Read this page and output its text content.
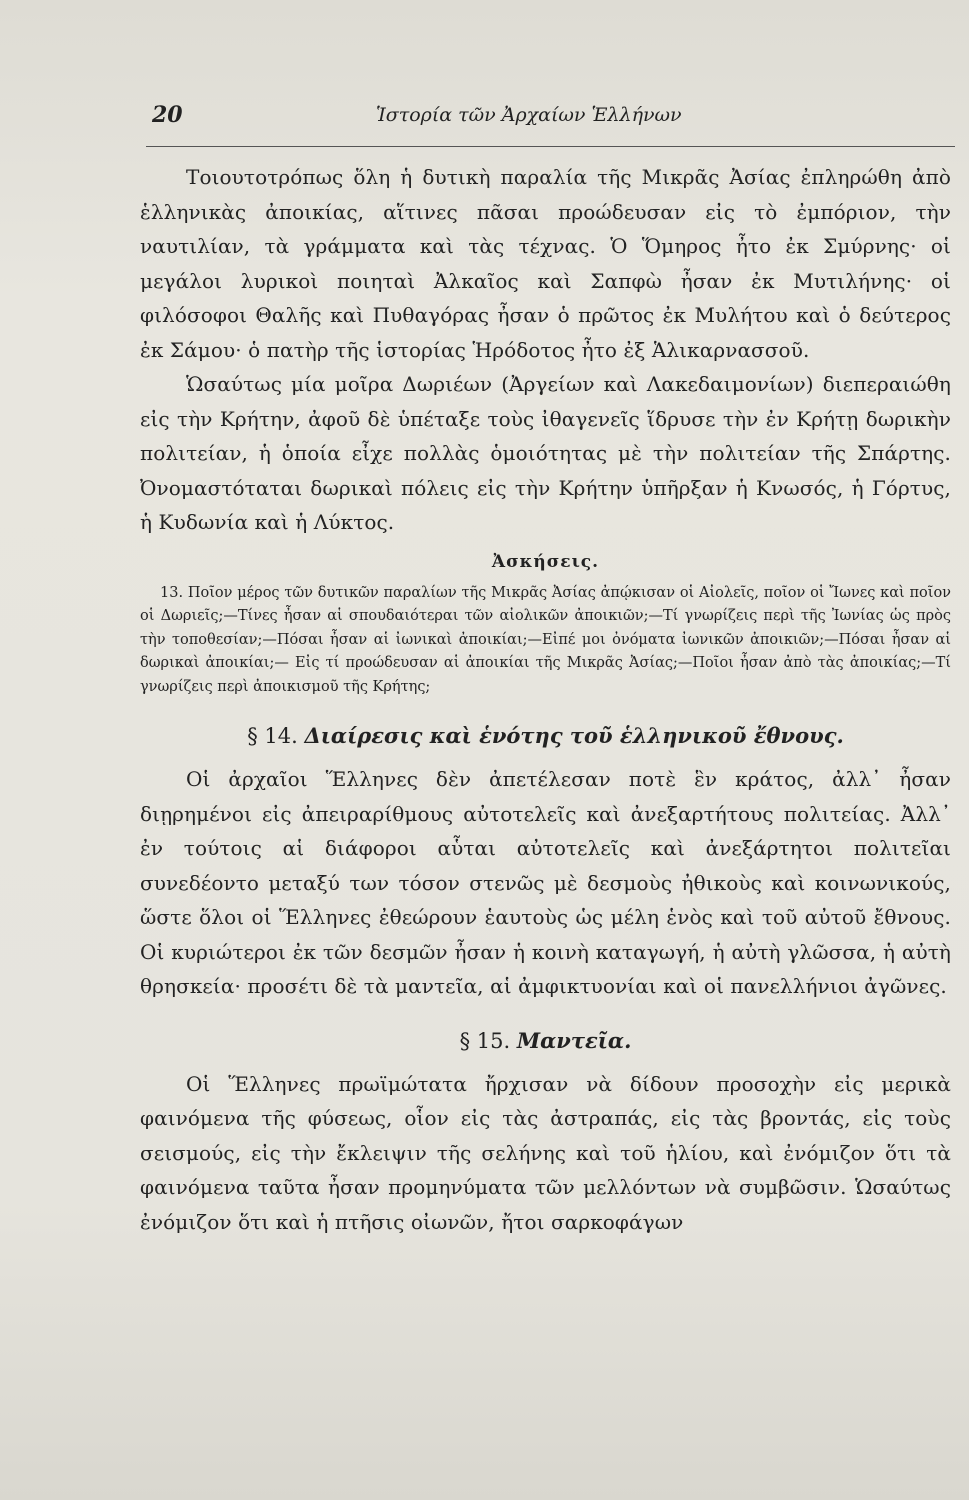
20	Ἱστορία τῶν Ἀρχαίων Ἑλλήνων

Τοιουτοτρόπως ὅλη ἡ δυτικὴ παραλία τῆς Μικρᾶς Ἀσίας ἐπληρώθη ἀπὸ ἑλληνικὰς ἀποικίας, αἵτινες πᾶσαι προώδευσαν εἰς τὸ ἐμπόριον, τὴν ναυτιλίαν, τὰ γράμματα καὶ τὰς τέχνας. Ὁ Ὅμηρος ἦτο ἐκ Σμύρνης· οἱ μεγάλοι λυρικοὶ ποιηταὶ Ἀλκαῖος καὶ Σαπφὼ ἦσαν ἐκ Μυτιλήνης· οἱ φιλόσοφοι Θαλῆς καὶ Πυθαγόρας ἦσαν ὁ πρῶτος ἐκ Μυλήτου καὶ ὁ δεύτερος ἐκ Σάμου· ὁ πατὴρ τῆς ἱστορίας Ἡρόδοτος ἦτο ἐξ Ἁλικαρνασσοῦ.

Ὡσαύτως μία μοῖρα Δωριέων (Ἀργείων καὶ Λακεδαιμονίων) διεπεραιώθη εἰς τὴν Κρήτην, ἀφοῦ δὲ ὑπέταξε τοὺς ἰθαγενεῖς ἵδρυσε τὴν ἐν Κρήτῃ δωρικὴν πολιτείαν, ἡ ὁποία εἶχε πολλὰς ὁμοιότητας μὲ τὴν πολιτείαν τῆς Σπάρτης. Ὀνομαστόταται δωρικαὶ πόλεις εἰς τὴν Κρήτην ὑπῆρξαν ἡ Κνωσός, ἡ Γόρτυς, ἡ Κυδωνία καὶ ἡ Λύκτος.

Ἀσκήσεις.

13. Ποῖον μέρος τῶν δυτικῶν παραλίων τῆς Μικρᾶς Ἀσίας ἀπῴκισαν οἱ Αἰολεῖς, ποῖον οἱ Ἴωνες καὶ ποῖον οἱ Δωριεῖς;—Τίνες ἦσαν αἱ σπουδαιότεραι τῶν αἰολικῶν ἀποικιῶν;—Τί γνωρίζεις περὶ τῆς Ἰωνίας ὡς πρὸς τὴν τοποθεσίαν;—Πόσαι ἦσαν αἱ ἰωνικαὶ ἀποικίαι;—Εἰπέ μοι ὀνόματα ἰωνικῶν ἀποικιῶν;—Πόσαι ἦσαν αἱ δωρικαὶ ἀποικίαι;— Εἰς τί προώδευσαν αἱ ἀποικίαι τῆς Μικρᾶς Ἀσίας;—Ποῖοι ἦσαν ἀπὸ τὰς ἀποικίας;—Τί γνωρίζεις περὶ ἀποικισμοῦ τῆς Κρήτης;

§ 14. Διαίρεσις καὶ ἑνότης τοῦ ἑλληνικοῦ ἔθνους.

Οἱ ἀρχαῖοι Ἕλληνες δὲν ἀπετέλεσαν ποτὲ ἓν κράτος, ἀλλ᾽ ἦσαν διῃρημένοι εἰς ἀπειραρίθμους αὐτοτελεῖς καὶ ἀνεξαρτήτους πολιτείας. Ἀλλ᾽ ἐν τούτοις αἱ διάφοροι αὗται αὐτοτελεῖς καὶ ἀνεξάρτητοι πολιτεῖαι συνεδέοντο μεταξύ των τόσον στενῶς μὲ δεσμοὺς ἠθικοὺς καὶ κοινωνικούς, ὥστε ὅλοι οἱ Ἕλληνες ἐθεώρουν ἑαυτοὺς ὡς μέλη ἑνὸς καὶ τοῦ αὐτοῦ ἔθνους. Οἱ κυριώτεροι ἐκ τῶν δεσμῶν ἦσαν ἡ κοινὴ καταγωγή, ἡ αὐτὴ γλῶσσα, ἡ αὐτὴ θρησκεία· προσέτι δὲ τὰ μαντεῖα, αἱ ἀμφικτυονίαι καὶ οἱ πανελλήνιοι ἀγῶνες.

§ 15. Μαντεῖα.

Οἱ Ἕλληνες πρωϊμώτατα ἤρχισαν νὰ δίδουν προσοχὴν εἰς μερικὰ φαινόμενα τῆς φύσεως, οἷον εἰς τὰς ἀστραπάς, εἰς τὰς βροντάς, εἰς τοὺς σεισμούς, εἰς τὴν ἔκλειψιν τῆς σελήνης καὶ τοῦ ἡλίου, καὶ ἐνόμιζον ὅτι τὰ φαινόμενα ταῦτα ἦσαν προμηνύματα τῶν μελλόντων νὰ συμβῶσιν. Ὡσαύτως ἐνόμιζον ὅτι καὶ ἡ πτῆσις οἰωνῶν, ἤτοι σαρκοφάγων
